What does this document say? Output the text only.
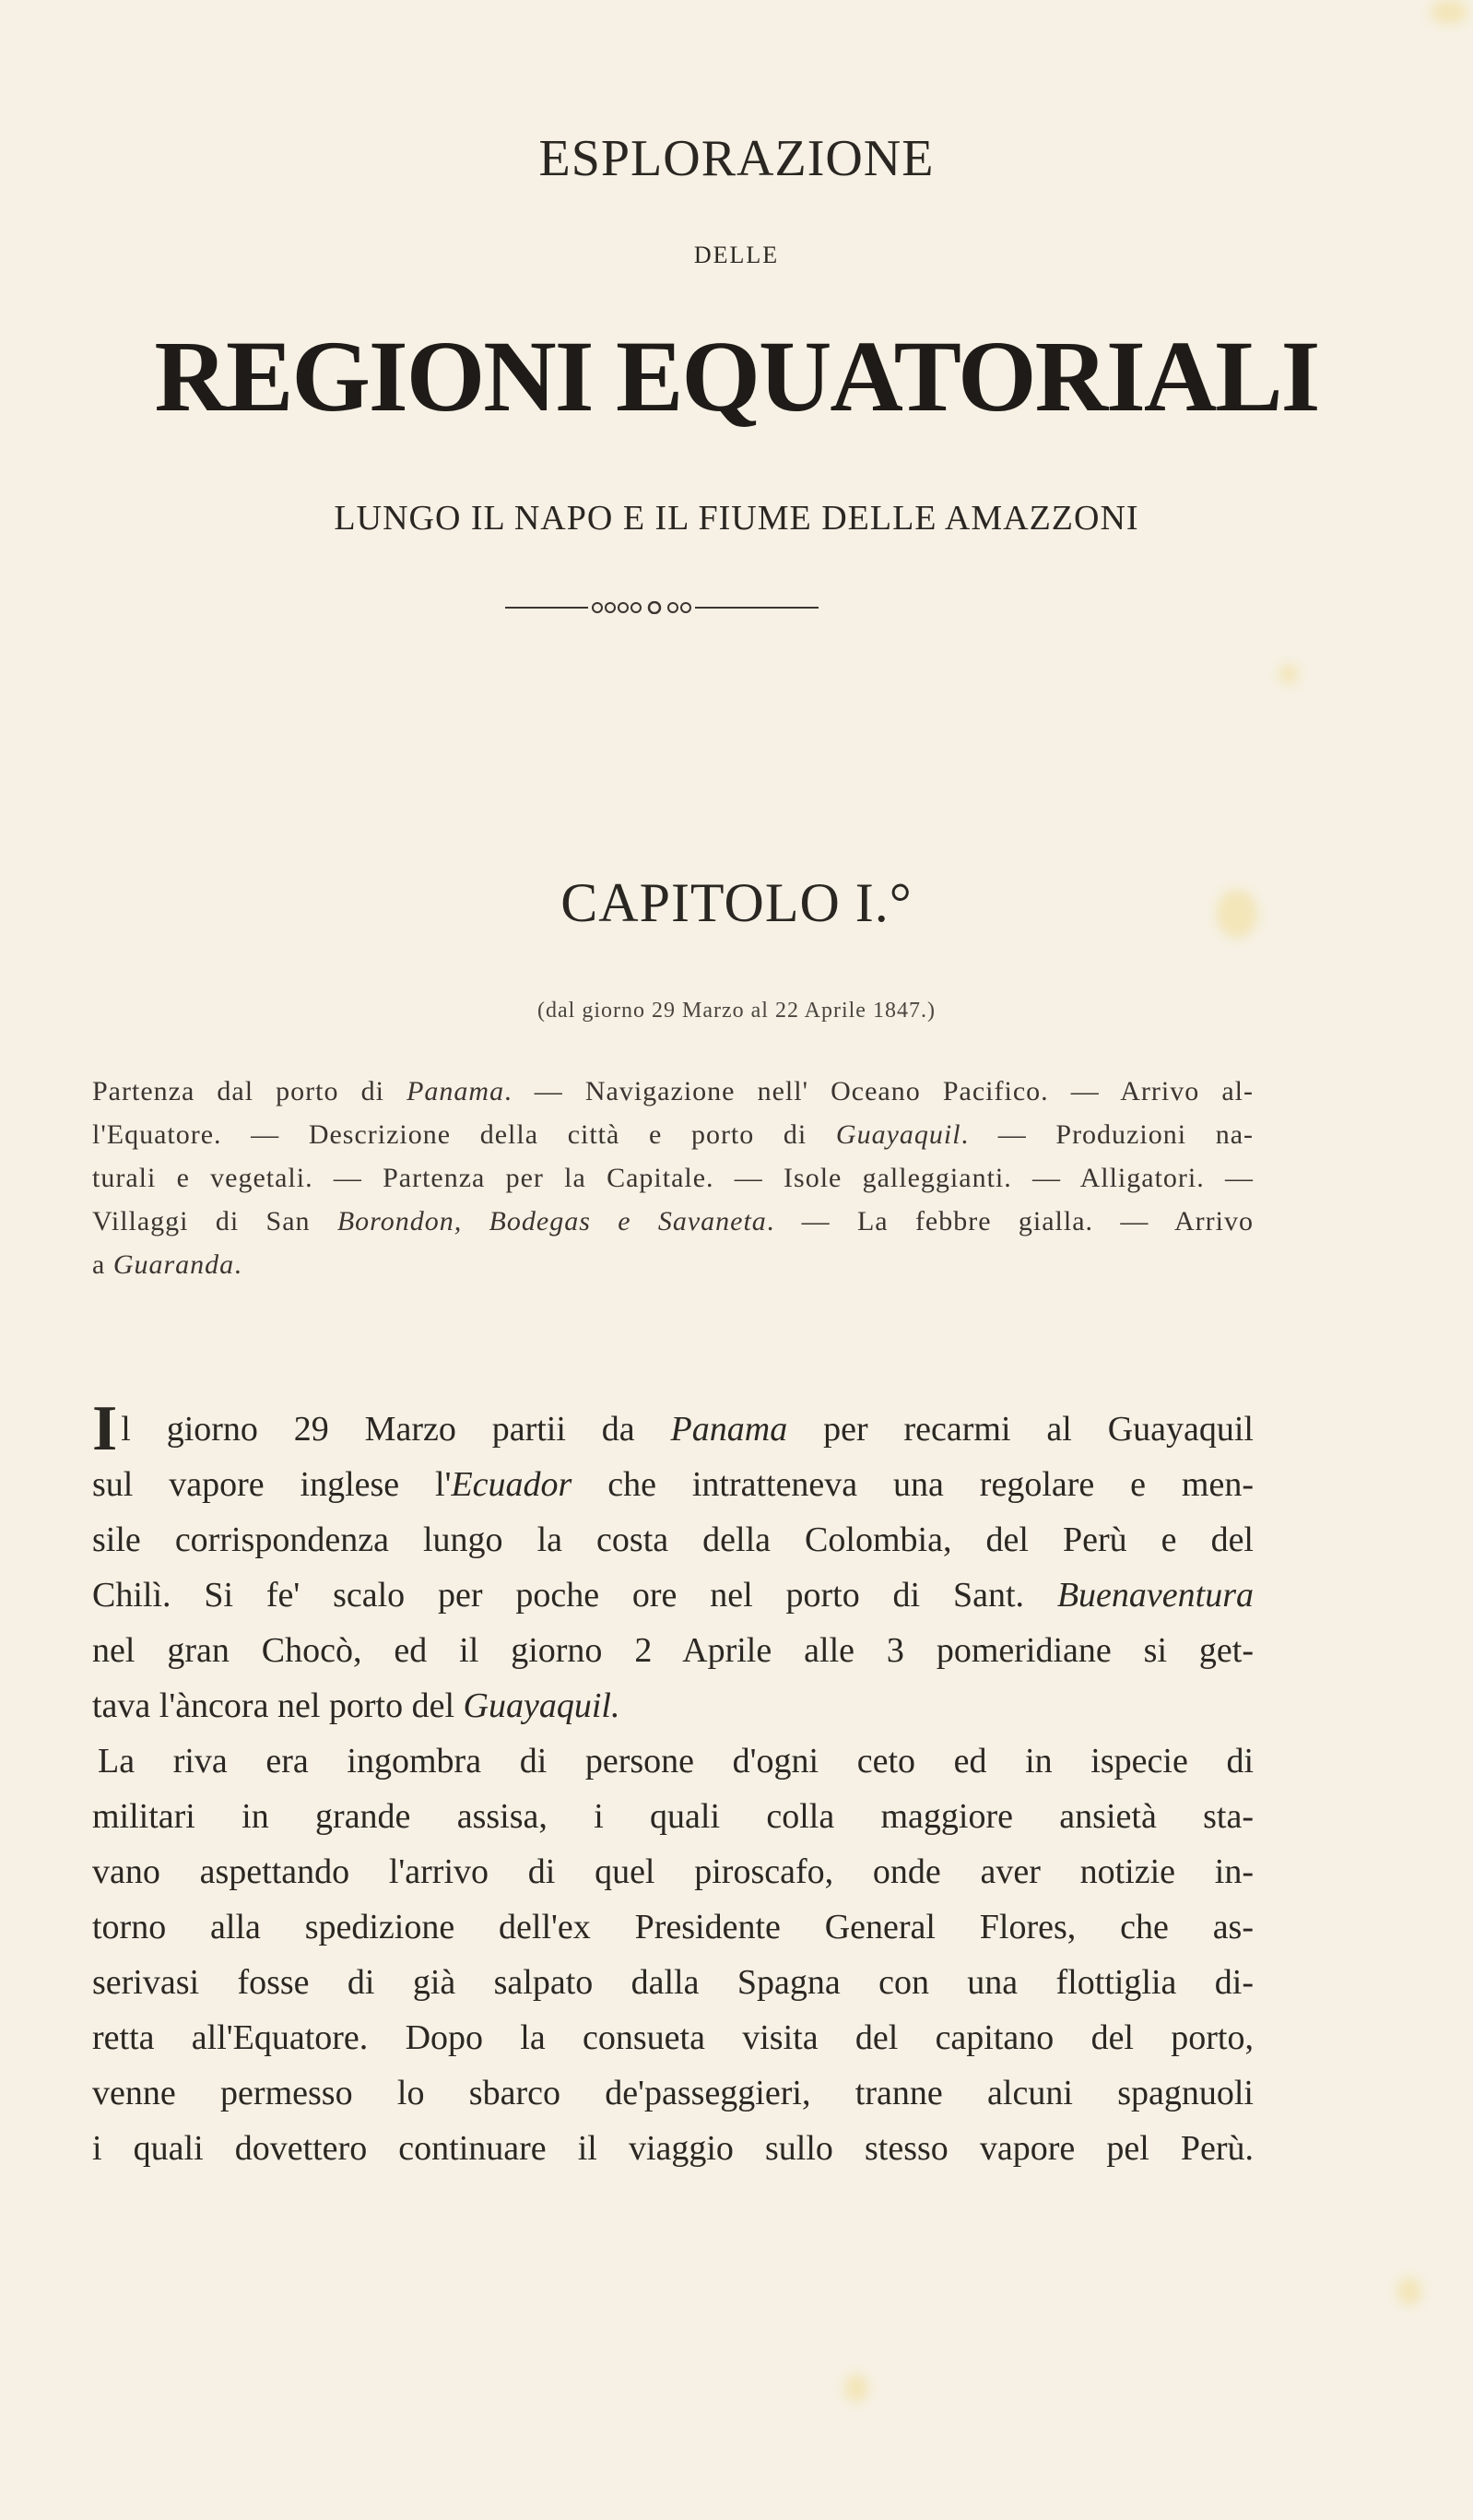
ESPLORAZIONE
DELLE
REGIONI EQUATORIALI
LUNGO IL NAPO E IL FIUME DELLE AMAZZONI
CAPITOLO I.°
(dal giorno 29 Marzo al 22 Aprile 1847.)
Partenza dal porto di Panama. — Navigazione nell' Oceano Pacifico. — Arrivo al-
l'Equatore. — Descrizione della città e porto di Guayaquil. — Produzioni na-
turali e vegetali. — Partenza per la Capitale. — Isole galleggianti. — Alligatori. —
Villaggi di San Borondon, Bodegas e Savaneta. — La febbre gialla. — Arrivo
a Guaranda.
Il giorno 29 Marzo partii da Panama per recarmi al Guayaquil
sul vapore inglese l'Ecuador che intratteneva una regolare e men-
sile corrispondenza lungo la costa della Colombia, del Perù e del
Chilì. Si fe' scalo per poche ore nel porto di Sant. Buenaventura
nel gran Chocò, ed il giorno 2 Aprile alle 3 pomeridiane si get-
tava l'àncora nel porto del Guayaquil.
La riva era ingombra di persone d'ogni ceto ed in ispecie di
militari in grande assisa, i quali colla maggiore ansietà sta-
vano aspettando l'arrivo di quel piroscafo, onde aver notizie in-
torno alla spedizione dell'ex Presidente General Flores, che as-
serivasi fosse di già salpato dalla Spagna con una flottiglia di-
retta all'Equatore. Dopo la consueta visita del capitano del porto,
venne permesso lo sbarco de'passeggieri, tranne alcuni spagnuoli
i quali dovettero continuare il viaggio sullo stesso vapore pel Perù.
